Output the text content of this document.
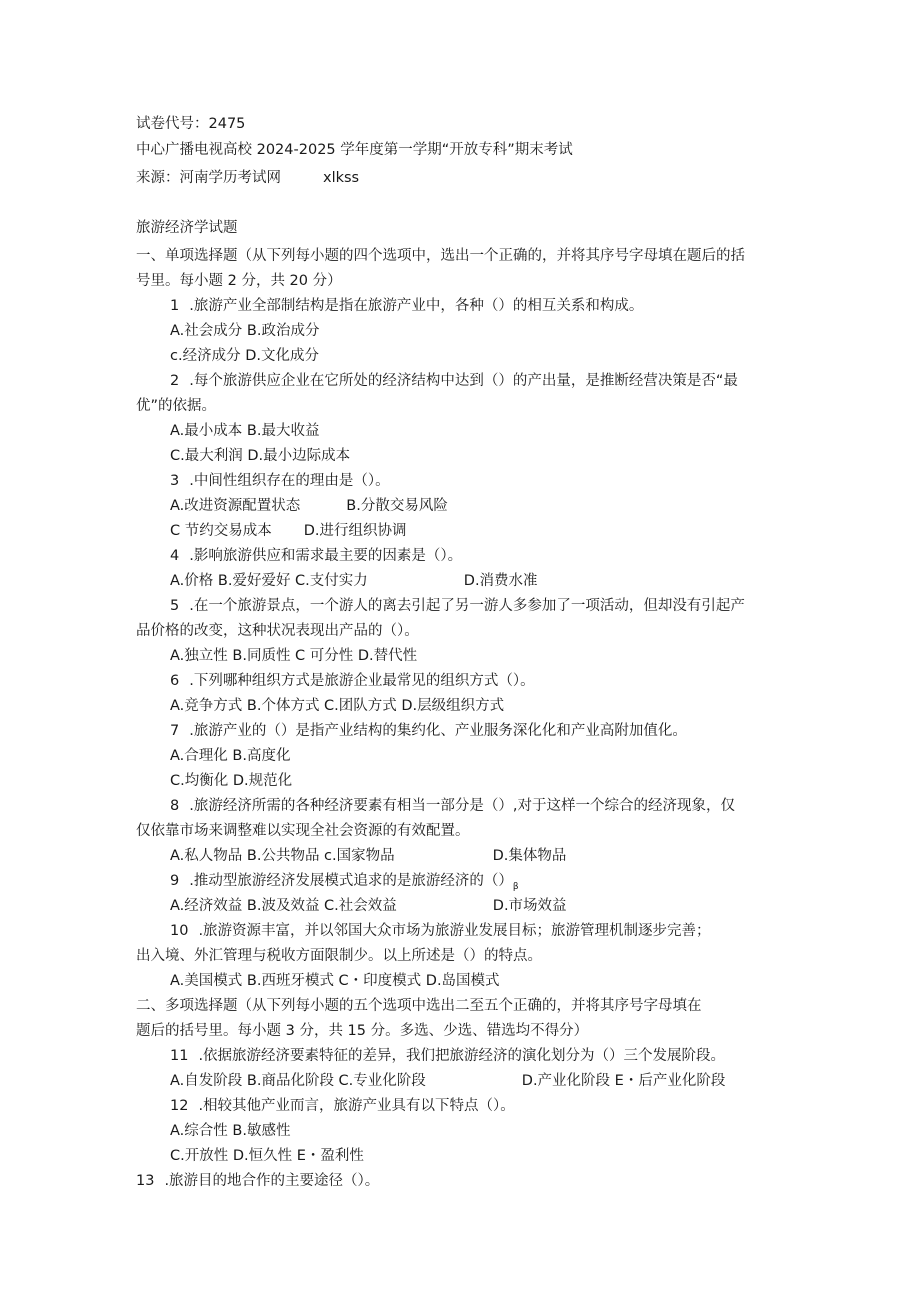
试卷代号：2475
中心广播电视高校 2024-2025 学年度第一学期“开放专科”期末考试
来源：河南学历考试网	xlkss
旅游经济学试题
一、单项选择题（从下列每小题的四个选项中，选出一个正确的，并将其序号字母填在题后的括
号里。每小题 2 分，共 20 分）
1 .旅游产业全部制结构是指在旅游产业中，各种（）的相互关系和构成。
A.社会成分 B.政治成分
c.经济成分 D.文化成分
2 .每个旅游供应企业在它所处的经济结构中达到（）的产出量，是推断经营决策是否“最
优”的依据。
A.最小成本 B.最大收益
C.最大利润 D.最小边际成本
3 .中间性组织存在的理由是（）。
A.改进资源配置状态	B.分散交易风险
C 节约交易成本 D.进行组织协调
4 .影响旅游供应和需求最主要的因素是（）。
A.价格 B.爱好爱好 C.支付实力	D.消费水准
5 .在一个旅游景点，一个游人的离去引起了另一游人多参加了一项活动，但却没有引起产
品价格的改变，这种状况表现出产品的（）。
A.独立性 B.同质性 C 可分性 D.替代性
6 .下列哪种组织方式是旅游企业最常见的组织方式（）。
A.竞争方式 B.个体方式 C.团队方式 D.层级组织方式
7 .旅游产业的（）是指产业结构的集约化、产业服务深化化和产业高附加值化。
A.合理化 B.高度化
C.均衡化 D.规范化
8 .旅游经济所需的各种经济要素有相当一部分是（）,对于这样一个综合的经济现象，仅
仅依靠市场来调整难以实现全社会资源的有效配置。
A.私人物品 B.公共物品 c.国家物品	D.集体物品
9 .推动型旅游经济发展模式追求的是旅游经济的$()_\beta$
A.经济效益 B.波及效益 C.社会效益	D.市场效益
10 .旅游资源丰富，并以邻国大众市场为旅游业发展目标；旅游管理机制逐步完善；
出入境、外汇管理与税收方面限制少。以上所述是（）的特点。
A.美国模式 B.西班牙模式 C・印度模式 D.岛国模式
二、多项选择题（从下列每小题的五个选项中选出二至五个正确的，并将其序号字母填在
题后的括号里。每小题 3 分，共 15 分。多选、少选、错选均不得分）
11 .依据旅游经济要素特征的差异，我们把旅游经济的演化划分为（）三个发展阶段。
A.自发阶段 B.商品化阶段 C.专业化阶段	D.产业化阶段 E・后产业化阶段
12 .相较其他产业而言，旅游产业具有以下特点（）。
A.综合性 B.敏感性
C.开放性 D.恒久性 E・盈利性
13 .旅游目的地合作的主要途径（）。
